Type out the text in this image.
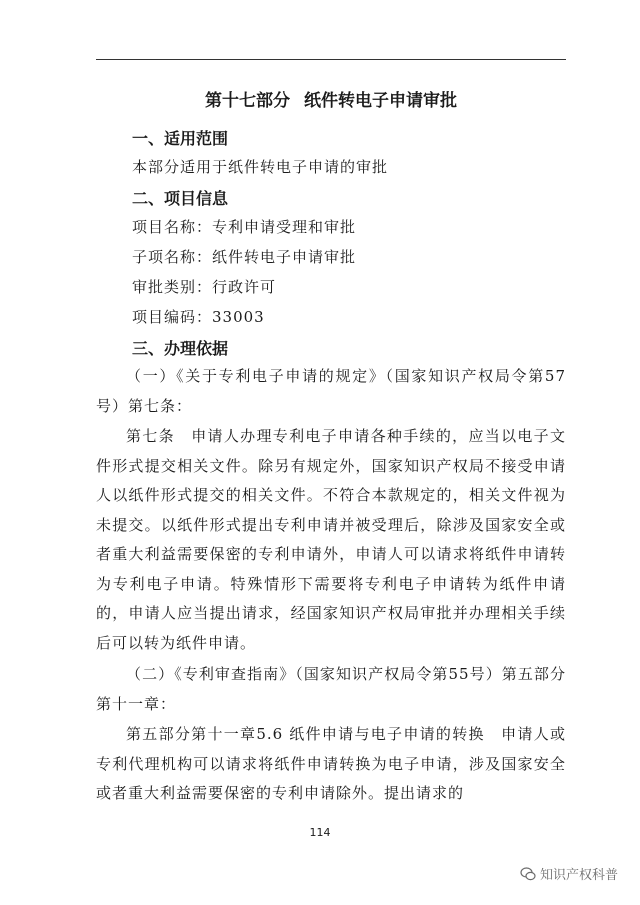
第十七部分 纸件转电子申请审批
一、适用范围
本部分适用于纸件转电子申请的审批
二、项目信息
项目名称：专利申请受理和审批
子项名称：纸件转电子申请审批
审批类别：行政许可
项目编码：33003
三、办理依据

（一）《关于专利电子申请的规定》（国家知识产权局令第57号）第七条：

第七条　申请人办理专利电子申请各种手续的，应当以电子文件形式提交相关文件。除另有规定外，国家知识产权局不接受申请人以纸件形式提交的相关文件。不符合本款规定的，相关文件视为未提交。以纸件形式提出专利申请并被受理后，除涉及国家安全或者重大利益需要保密的专利申请外，申请人可以请求将纸件申请转为专利电子申请。特殊情形下需要将专利电子申请转为纸件申请的，申请人应当提出请求，经国家知识产权局审批并办理相关手续后可以转为纸件申请。

（二）《专利审查指南》（国家知识产权局令第55号）第五部分第十一章：

第五部分第十一章5.6 纸件申请与电子申请的转换　申请人或专利代理机构可以请求将纸件申请转换为电子申请，涉及国家安全或者重大利益需要保密的专利申请除外。提出请求的

114
知识产权科普
